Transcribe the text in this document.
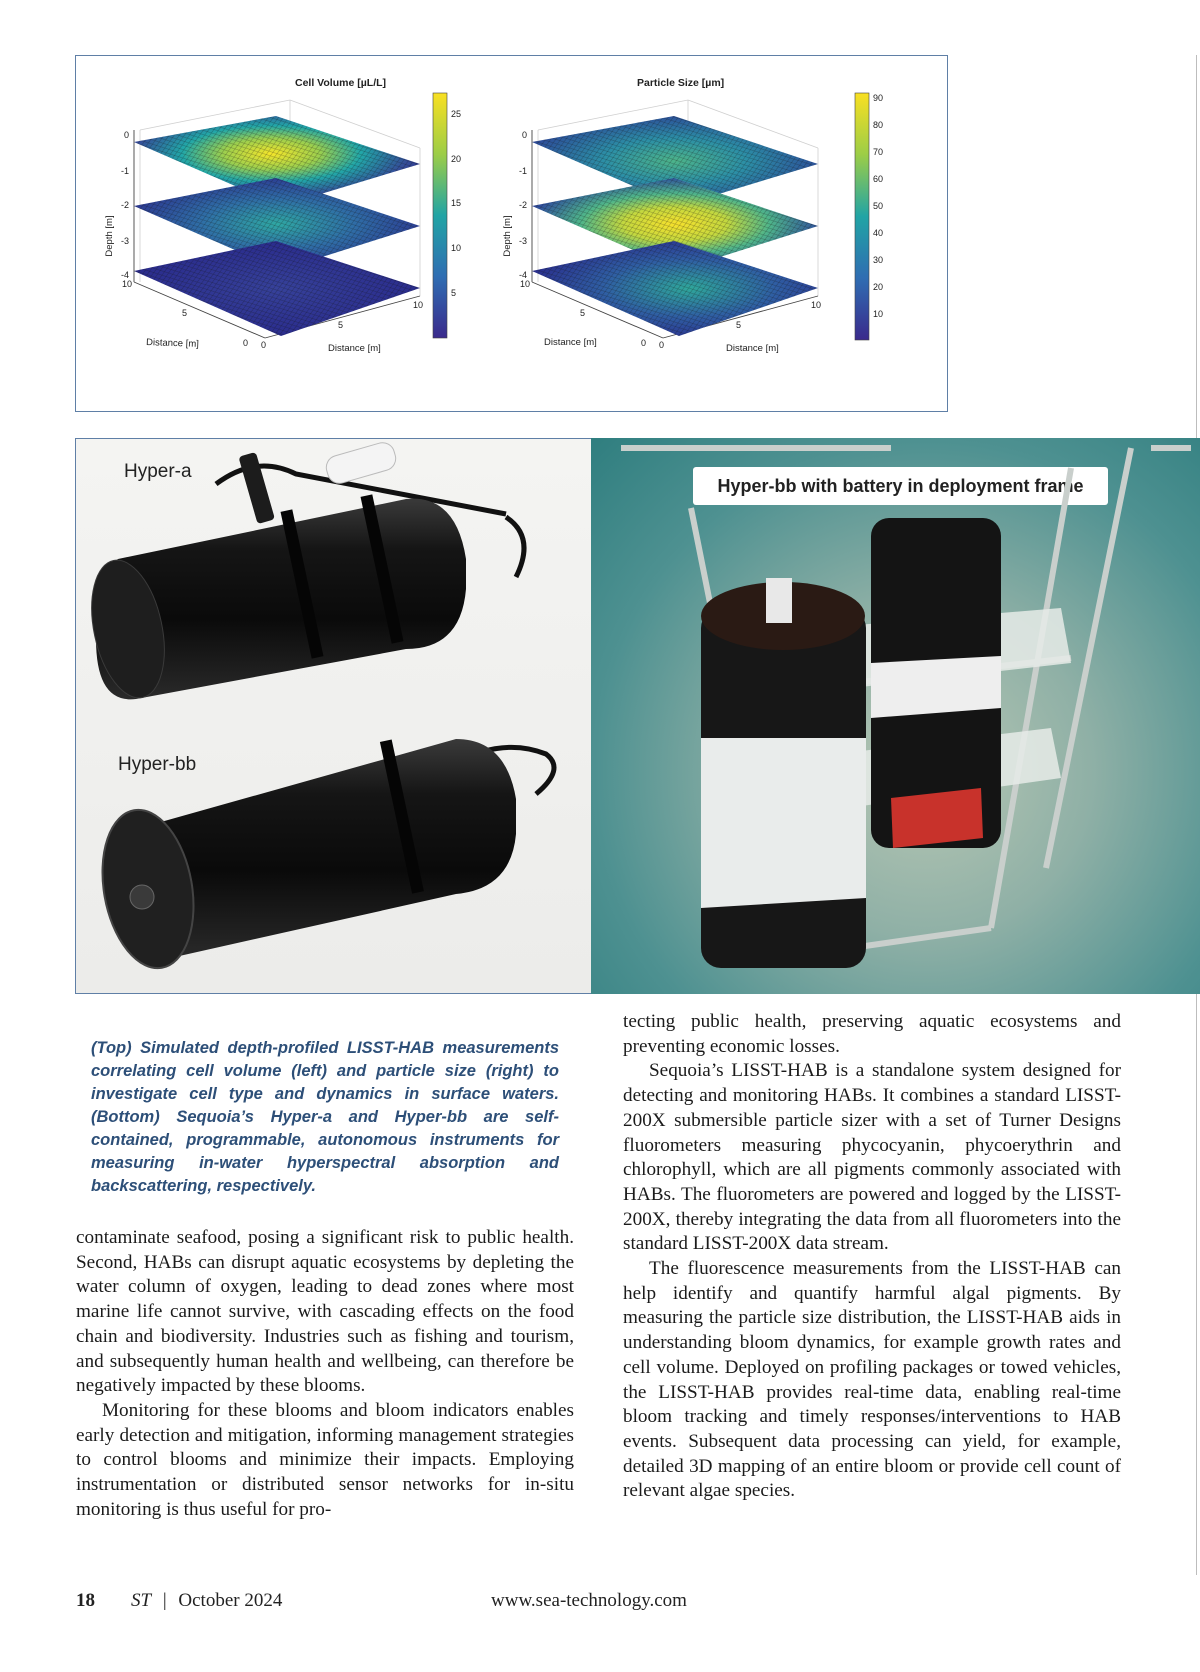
Cell Volume [µL/L]
0
-1
-2
-3
-4
Depth [m]
10
5
0
Distance [m]	0
5
10
Distance [m]
25
20
15
10
5
Particle Size [µm]
0
-1
-2
-3
-4
Depth [m]
10
5
0
Distance [m]	0
5
10
Distance [m]
90
80
70
60
50
40
30
20
10
Hyper-a
Hyper-bb
Hyper-bb with battery in deployment frame
(Top) Simulated depth-profiled LISST-HAB measurements correlating cell volume (left) and particle size (right) to investigate cell type and dynamics in surface waters. (Bottom) Sequoia’s Hyper-a and Hyper-bb are self-contained, programmable, autonomous instruments for measuring in-water hyperspectral absorption and backscattering, respectively.

tecting public health, preserving aquatic ecosystems and preventing economic losses.

Sequoia’s LISST-HAB is a standalone system designed for detecting and monitoring HABs. It combines a standard LISST-200X submersible particle sizer with a set of Turner Designs fluorometers measuring phycocyanin, phycoerythrin and chlorophyll, which are all pigments commonly associated with HABs. The fluorometers are powered and logged by the LISST-200X, thereby integrating the data from all fluorometers into the standard LISST-200X data stream.

The fluorescence measurements from the LISST-HAB can help identify and quantify harmful algal pigments. By measuring the particle size distribution, the LISST-HAB aids in understanding bloom dynamics, for example growth rates and cell volume. Deployed on profiling packages or towed vehicles, the LISST-HAB provides real-time data, enabling real-time bloom tracking and timely responses/interventions to HAB events. Subsequent data processing can yield, for example, detailed 3D mapping of an entire bloom or provide cell count of relevant algae species.

contaminate seafood, posing a significant risk to public health. Second, HABs can disrupt aquatic ecosystems by depleting the water column of oxygen, leading to dead zones where most marine life cannot survive, with cascading effects on the food chain and biodiversity. Industries such as fishing and tourism, and subsequently human health and wellbeing, can therefore be negatively impacted by these blooms.

Monitoring for these blooms and bloom indicators enables early detection and mitigation, informing management strategies to control blooms and minimize their impacts. Employing instrumentation or distributed sensor networks for in-situ monitoring is thus useful for pro-

18 ST | October 2024	www.sea-technology.com
